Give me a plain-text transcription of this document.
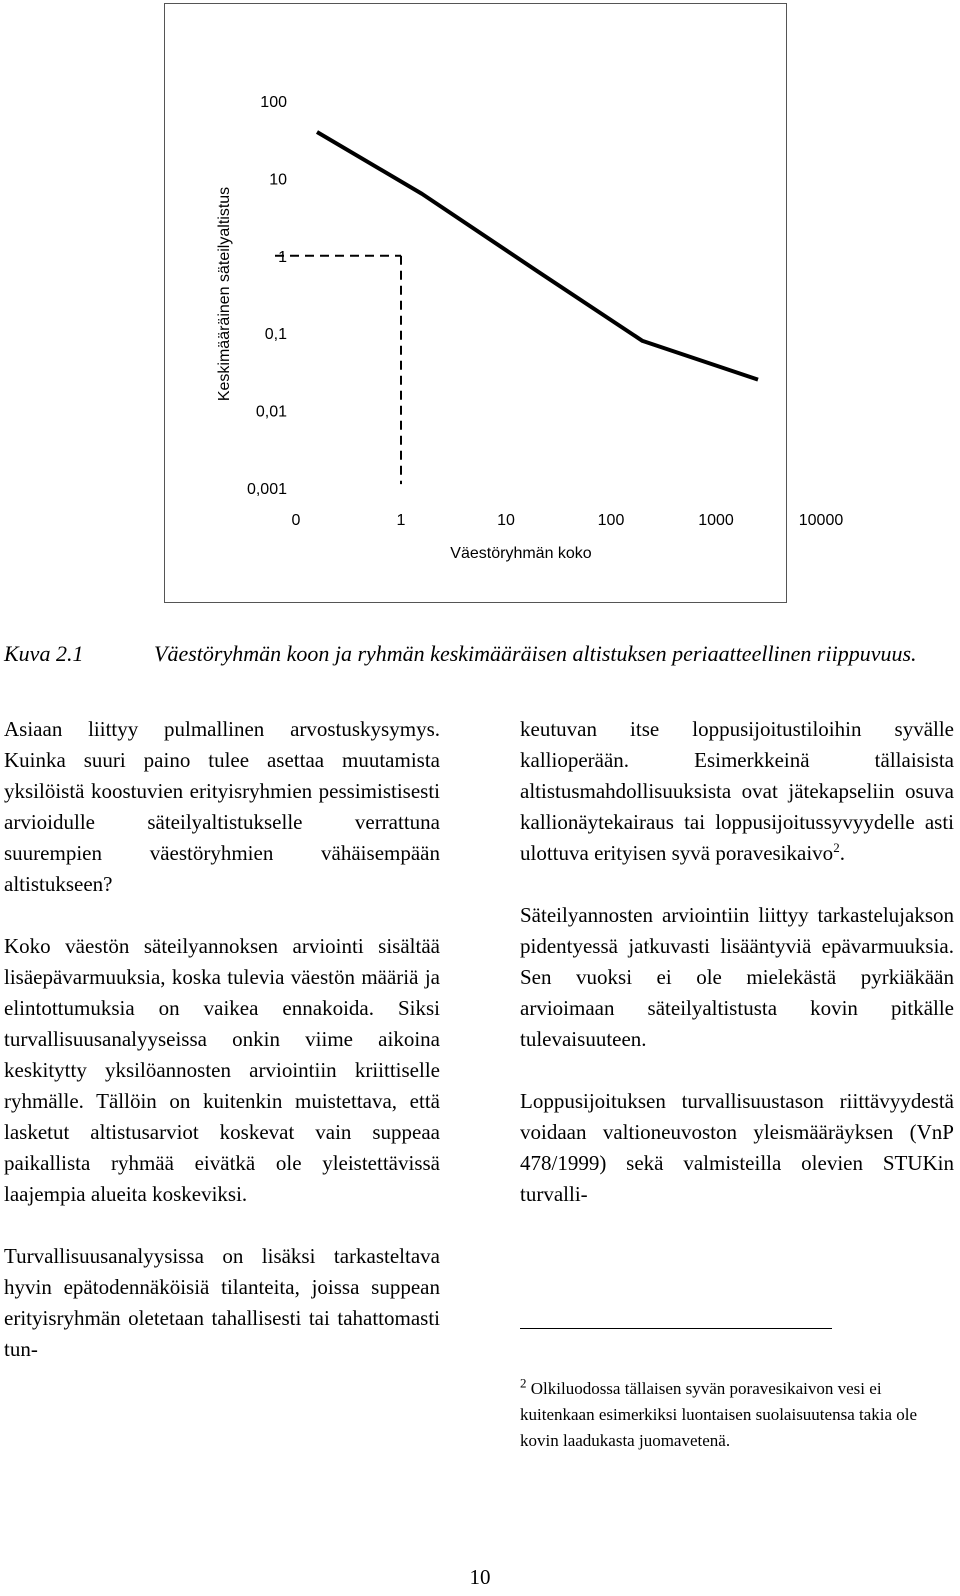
100
10
1
0,1
0,01
0,001
0	1	10	100	1000	10000
Väestöryhmän koko
Keskimääräinen säteilyaltistus
Kuva 2.1	Väestöryhmän koon ja ryhmän keskimääräisen altistuksen periaatteellinen riippuvuus.

Asiaan liittyy pulmallinen arvostuskysymys. Kuinka suuri paino tulee asettaa muutamista yksilöistä koostuvien erityisryhmien pessimistisesti arvioidulle säteilyaltistukselle verrattuna suurempien väestöryhmien vähäisempään altistukseen?

Koko väestön säteilyannoksen arviointi sisältää lisäepävarmuuksia, koska tulevia väestön määriä ja elintottumuksia on vaikea ennakoida. Siksi turvallisuusanalyyseissa onkin viime aikoina keskitytty yksilöannosten arviointiin kriittiselle ryhmälle. Tällöin on kuitenkin muistettava, että lasketut altistusarviot koskevat vain suppeaa paikallista ryhmää eivätkä ole yleistettävissä laajempia alueita koskeviksi.

Turvallisuusanalyysissa on lisäksi tarkasteltava hyvin epätodennäköisiä tilanteita, joissa suppean erityisryhmän oletetaan tahallisesti tai tahattomasti tun-

keutuvan itse loppusijoitustiloihin syvälle kallioperään. Esimerkkeinä tällaisista altistusmahdollisuuksista ovat jätekapseliin osuva kallionäytekairaus tai loppusijoitussyvyydelle asti ulottuva erityisen syvä poravesikaivo$^2$.

Säteilyannosten arviointiin liittyy tarkastelujakson pidentyessä jatkuvasti lisääntyviä epävarmuuksia. Sen vuoksi ei ole mielekästä pyrkiäkään arvioimaan säteilyaltistusta kovin pitkälle tulevaisuuteen.

Loppusijoituksen turvallisuustason riittävyydestä voidaan valtioneuvoston yleismääräyksen (VnP 478/1999) sekä valmisteilla olevien STUKin turvalli-

$^2$ Olkiluodossa tällaisen syvän poravesikaivon vesi ei kuitenkaan esimerkiksi luontaisen suolaisuutensa takia ole kovin laadukasta juomavetenä.
10
